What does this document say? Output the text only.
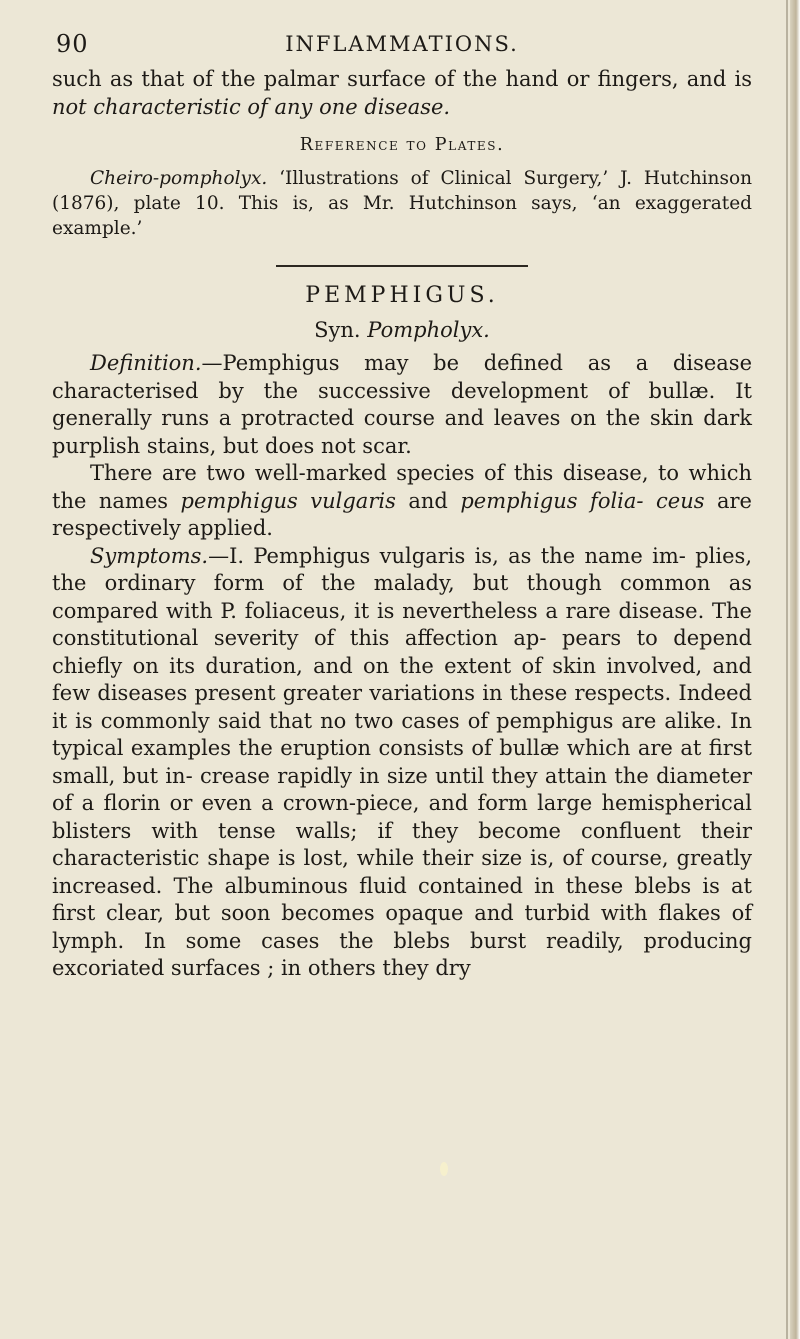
90	INFLAMMATIONS.

such as that of the palmar surface of the hand or fingers, and is not characteristic of any one disease.

Reference to Plates.

Cheiro-pompholyx. ‘Illustrations of Clinical Surgery,’ J. Hutchinson (1876), plate 10. This is, as Mr. Hutchinson says, ‘an exaggerated example.’

PEMPHIGUS.
Syn. Pompholyx.

Definition.—Pemphigus may be defined as a disease characterised by the successive development of bullæ. It generally runs a protracted course and leaves on the skin dark purplish stains, but does not scar.

There are two well-marked species of this disease, to which the names pemphigus vulgaris and pemphigus folia- ceus are respectively applied.

Symptoms.—I. Pemphigus vulgaris is, as the name im- plies, the ordinary form of the malady, but though common as compared with P. foliaceus, it is nevertheless a rare disease. The constitutional severity of this affection ap- pears to depend chiefly on its duration, and on the extent of skin involved, and few diseases present greater variations in these respects. Indeed it is commonly said that no two cases of pemphigus are alike. In typical examples the eruption consists of bullæ which are at first small, but in- crease rapidly in size until they attain the diameter of a florin or even a crown-piece, and form large hemispherical blisters with tense walls; if they become confluent their characteristic shape is lost, while their size is, of course, greatly increased. The albuminous fluid contained in these blebs is at first clear, but soon becomes opaque and turbid with flakes of lymph. In some cases the blebs burst readily, producing excoriated surfaces ; in others they dry
